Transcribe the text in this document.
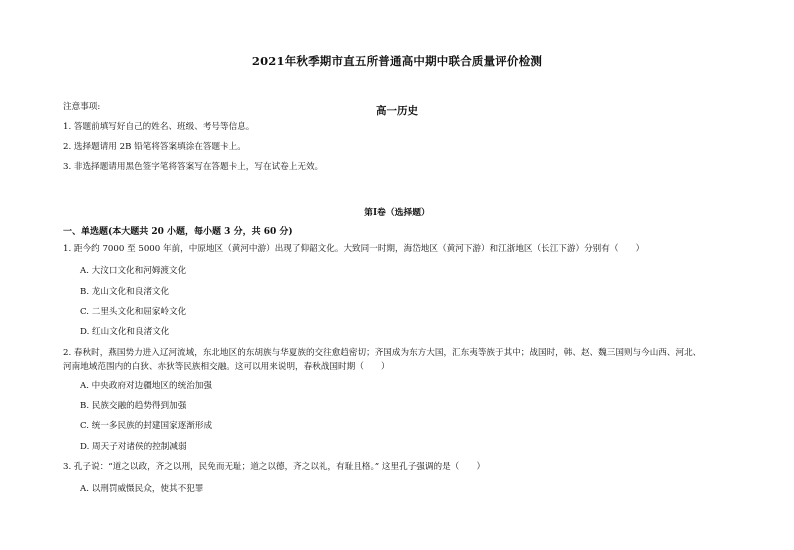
2021年秋季期市直五所普通高中期中联合质量评价检测
高一历史
注意事项:
1. 答题前填写好自己的姓名、班级、考号等信息。
2. 选择题请用 2B 铅笔将答案填涂在答题卡上。
3. 非选择题请用黑色签字笔将答案写在答题卡上，写在试卷上无效。
第I卷（选择题）
一、单选题(本大题共 20 小题，每小题 3 分，共 60 分)
1. 距今约 7000 至 5000 年前，中原地区（黄河中游）出现了仰韶文化。大致同一时期，海岱地区（黄河下游）和江浙地区（长江下游）分别有（　　）
A. 大汶口文化和河姆渡文化
B. 龙山文化和良渚文化
C. 二里头文化和屈家岭文化
D. 红山文化和良渚文化
2. 春秋时，燕国势力进入辽河流域，东北地区的东胡族与华夏族的交往愈趋密切；齐国成为东方大国，汇东夷等族于其中；战国时，韩、赵、魏三国则与今山西、河北、河南地域范围内的白狄、赤狄等民族相交融。这可以用来说明，春秋战国时期（　　）
A. 中央政府对边疆地区的统治加强
B. 民族交融的趋势得到加强
C. 统一多民族的封建国家逐渐形成
D. 周天子对诸侯的控制减弱
3. 孔子说：“道之以政，齐之以刑，民免而无耻；道之以德，齐之以礼，有耻且格。” 这里孔子强调的是（　　）
A. 以刑罚威慑民众，使其不犯罪
